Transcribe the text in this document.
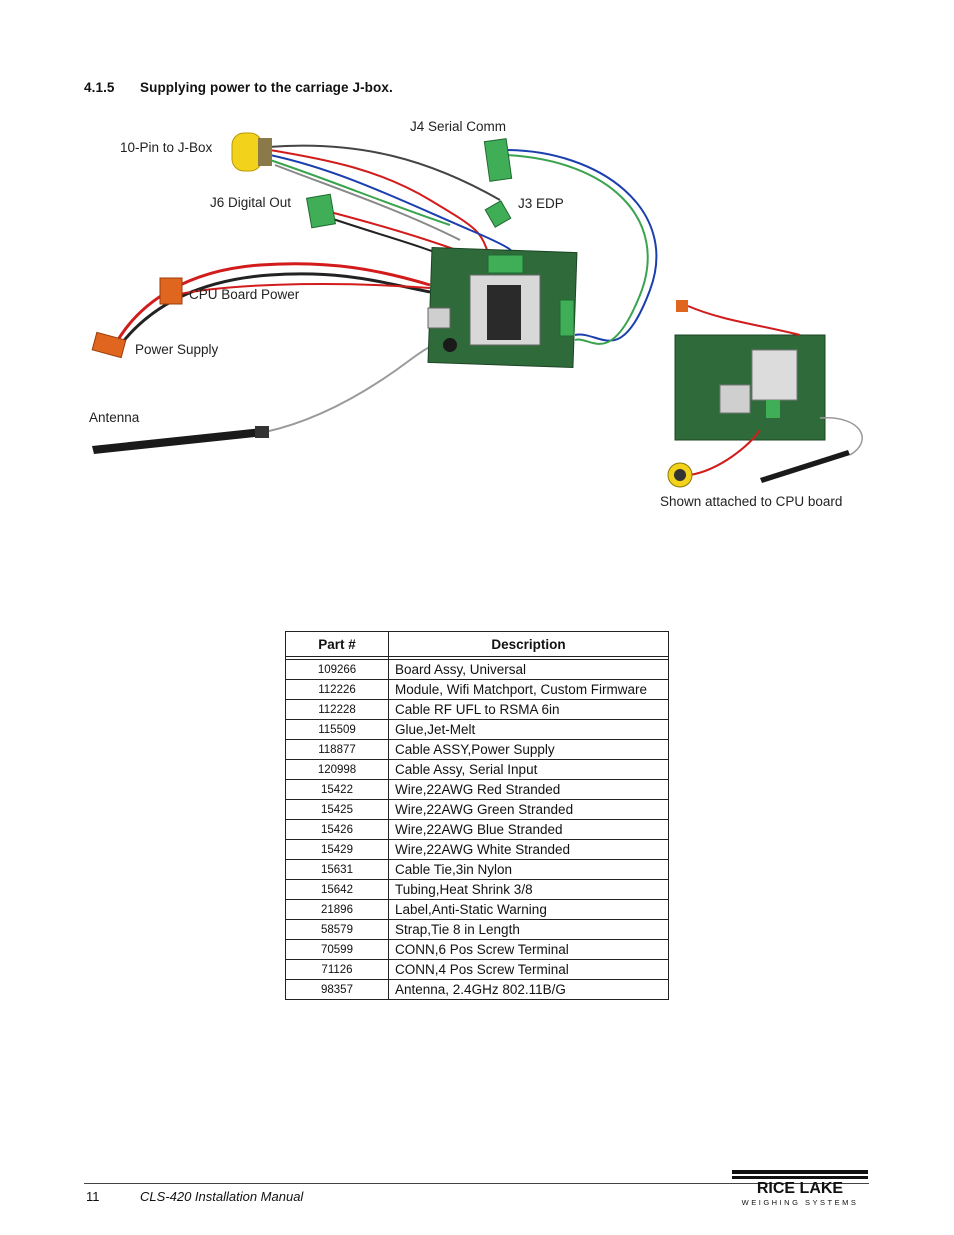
4.1.5 Supplying power to the carriage J-box.
10-Pin to J-Box
J4 Serial Comm
J6 Digital Out	J3 EDP
CPU Board Power
Power Supply
Antenna
Shown attached to CPU board
Part #	Description

109266	Board Assy, Universal
112226	Module, Wifi Matchport, Custom Firmware
112228	Cable RF UFL to RSMA 6in
115509	Glue,Jet-Melt
118877	Cable ASSY,Power Supply
120998	Cable Assy, Serial Input
15422	Wire,22AWG Red Stranded
15425	Wire,22AWG Green Stranded
15426	Wire,22AWG Blue Stranded
15429	Wire,22AWG White Stranded
15631	Cable Tie,3in Nylon
15642	Tubing,Heat Shrink 3/8
21896	Label,Anti-Static Warning
58579	Strap,Tie 8 in Length
70599	CONN,6 Pos Screw Terminal
71126	CONN,4 Pos Screw Terminal
98357	Antenna, 2.4GHz 802.11B/G
11	CLS-420 Installation Manual	RICE LAKE
WEIGHING SYSTEMS
